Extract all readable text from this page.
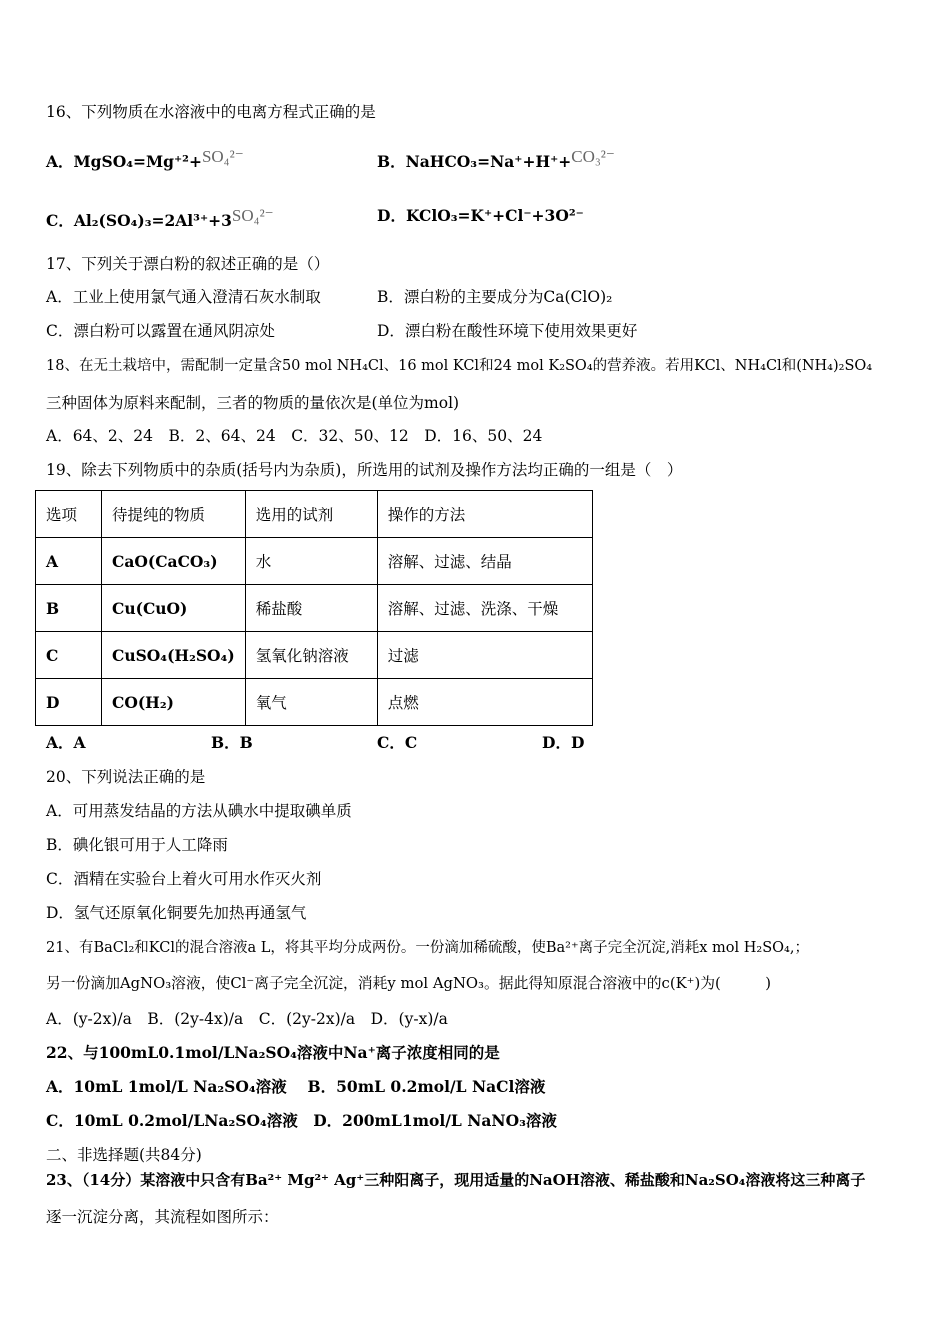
16、下列物质在水溶液中的电离方程式正确的是
A．MgSO₄=Mg⁺²+SO₄²⁻	B．NaHCO₃=Na⁺+H⁺+CO₃²⁻
C．Al₂(SO₄)₃=2Al³⁺+3SO₄²⁻	D．KClO₃=K⁺+Cl⁻+3O²⁻
17、下列关于漂白粉的叙述正确的是（）
A．工业上使用氯气通入澄清石灰水制取	B．漂白粉的主要成分为Ca(ClO)₂
C．漂白粉可以露置在通风阴凉处	D．漂白粉在酸性环境下使用效果更好
18、在无土栽培中，需配制一定量含50 mol NH₄Cl、16 mol KCl和24 mol K₂SO₄的营养液。若用KCl、NH₄Cl和(NH₄)₂SO₄
三种固体为原料来配制，三者的物质的量依次是(单位为mol)
A．64、2、24　B．2、64、24　C．32、50、12　D．16、50、24
19、除去下列物质中的杂质(括号内为杂质)，所选用的试剂及操作方法均正确的一组是（　）
选项	待提纯的物质	选用的试剂	操作的方法
A	CaO(CaCO₃)	水	溶解、过滤、结晶
B	Cu(CuO)	稀盐酸	溶解、过滤、洗涤、干燥
C	CuSO₄(H₂SO₄)	氢氧化钠溶液	过滤
D	CO(H₂)	氧气	点燃
A．A	B．B	C．C	D．D
20、下列说法正确的是
A．可用蒸发结晶的方法从碘水中提取碘单质
B．碘化银可用于人工降雨
C．酒精在实验台上着火可用水作灭火剂
D．氢气还原氧化铜要先加热再通氢气
21、有BaCl₂和KCl的混合溶液a L，将其平均分成两份。一份滴加稀硫酸，使Ba²⁺离子完全沉淀,消耗x mol H₂SO₄,；
另一份滴加AgNO₃溶液，使Cl⁻离子完全沉淀，消耗y mol AgNO₃。据此得知原混合溶液中的c(K⁺)为(　　　)
A．(y-2x)/a　B．(2y-4x)/a　C．(2y-2x)/a　D．(y-x)/a
22、与100mL0.1mol/LNa₂SO₄溶液中Na⁺离子浓度相同的是
A．10mL 1mol/L Na₂SO₄溶液　 B．50mL 0.2mol/L NaCl溶液
C．10mL 0.2mol/LNa₂SO₄溶液　D．200mL1mol/L NaNO₃溶液
二、非选择题(共84分)
23、（14分）某溶液中只含有Ba²⁺ Mg²⁺ Ag⁺三种阳离子，现用适量的NaOH溶液、稀盐酸和Na₂SO₄溶液将这三种离子
逐一沉淀分离，其流程如图所示：
